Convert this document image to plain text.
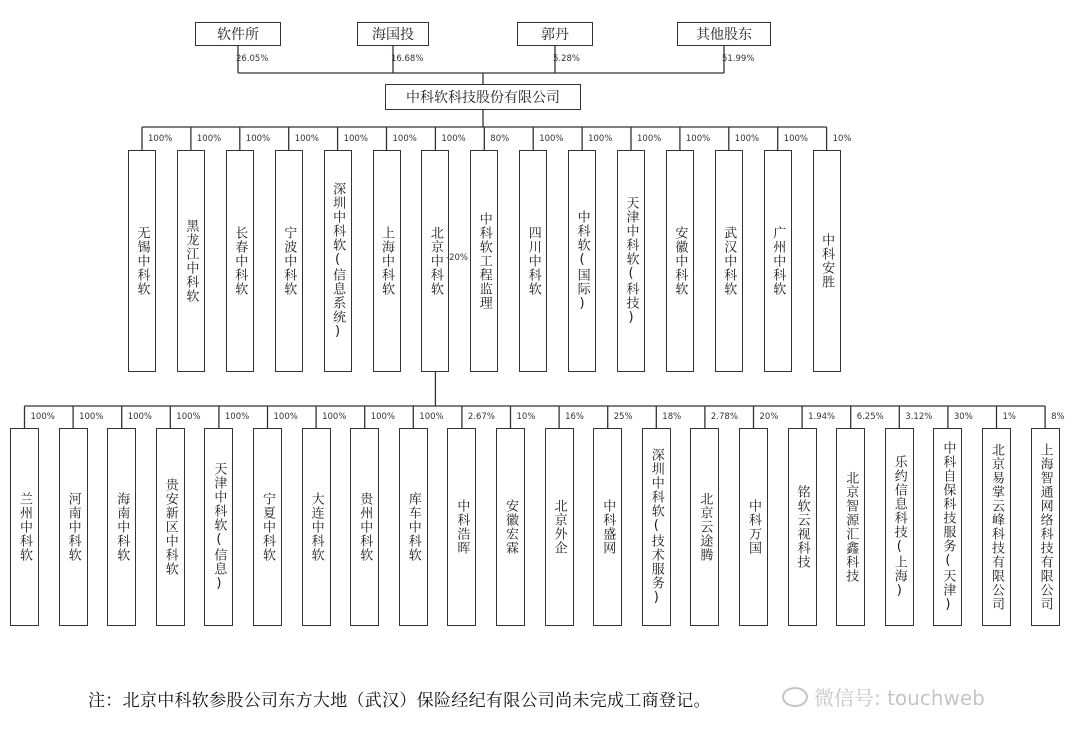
软件所
26.05%
海国投
16.68%
郭丹
5.28%
其他股东
51.99%
中科软科技股份有限公司
无锡中科软
100%
黑龙江中科软
100%
长春中科软
100%
宁波中科软
100%
深圳中科软(信息系统)
100%
上海中科软
100%
北京中科软
100%
中科软工程监理
80%
四川中科软
100%
中科软(国际)
100%
天津中科软(科技)
100%
安徽中科软
100%
武汉中科软
100%
广州中科软
100%
中科安胜
10%
-20%
兰州中科软
100%
河南中科软
100%
海南中科软
100%
贵安新区中科软
100%
天津中科软(信息)
100%
宁夏中科软
100%
大连中科软
100%
贵州中科软
100%
库车中科软
100%
中科浩晖
2.67%
安徽宏霖
10%
北京外企
16%
中科盛网
25%
深圳中科软(技术服务)
18%
北京云途腾
2.78%
中科万国
20%
铭软云视科技
1.94%
北京智源汇鑫科技
6.25%
乐约信息科技(上海)
3.12%
中科自保科技服务(天津)
30%
北京易掌云峰科技有限公司
1%
上海智通网络科技有限公司
8%
注：北京中科软参股公司东方大地（武汉）保险经纪有限公司尚未完成工商登记。	微信号: touchweb
